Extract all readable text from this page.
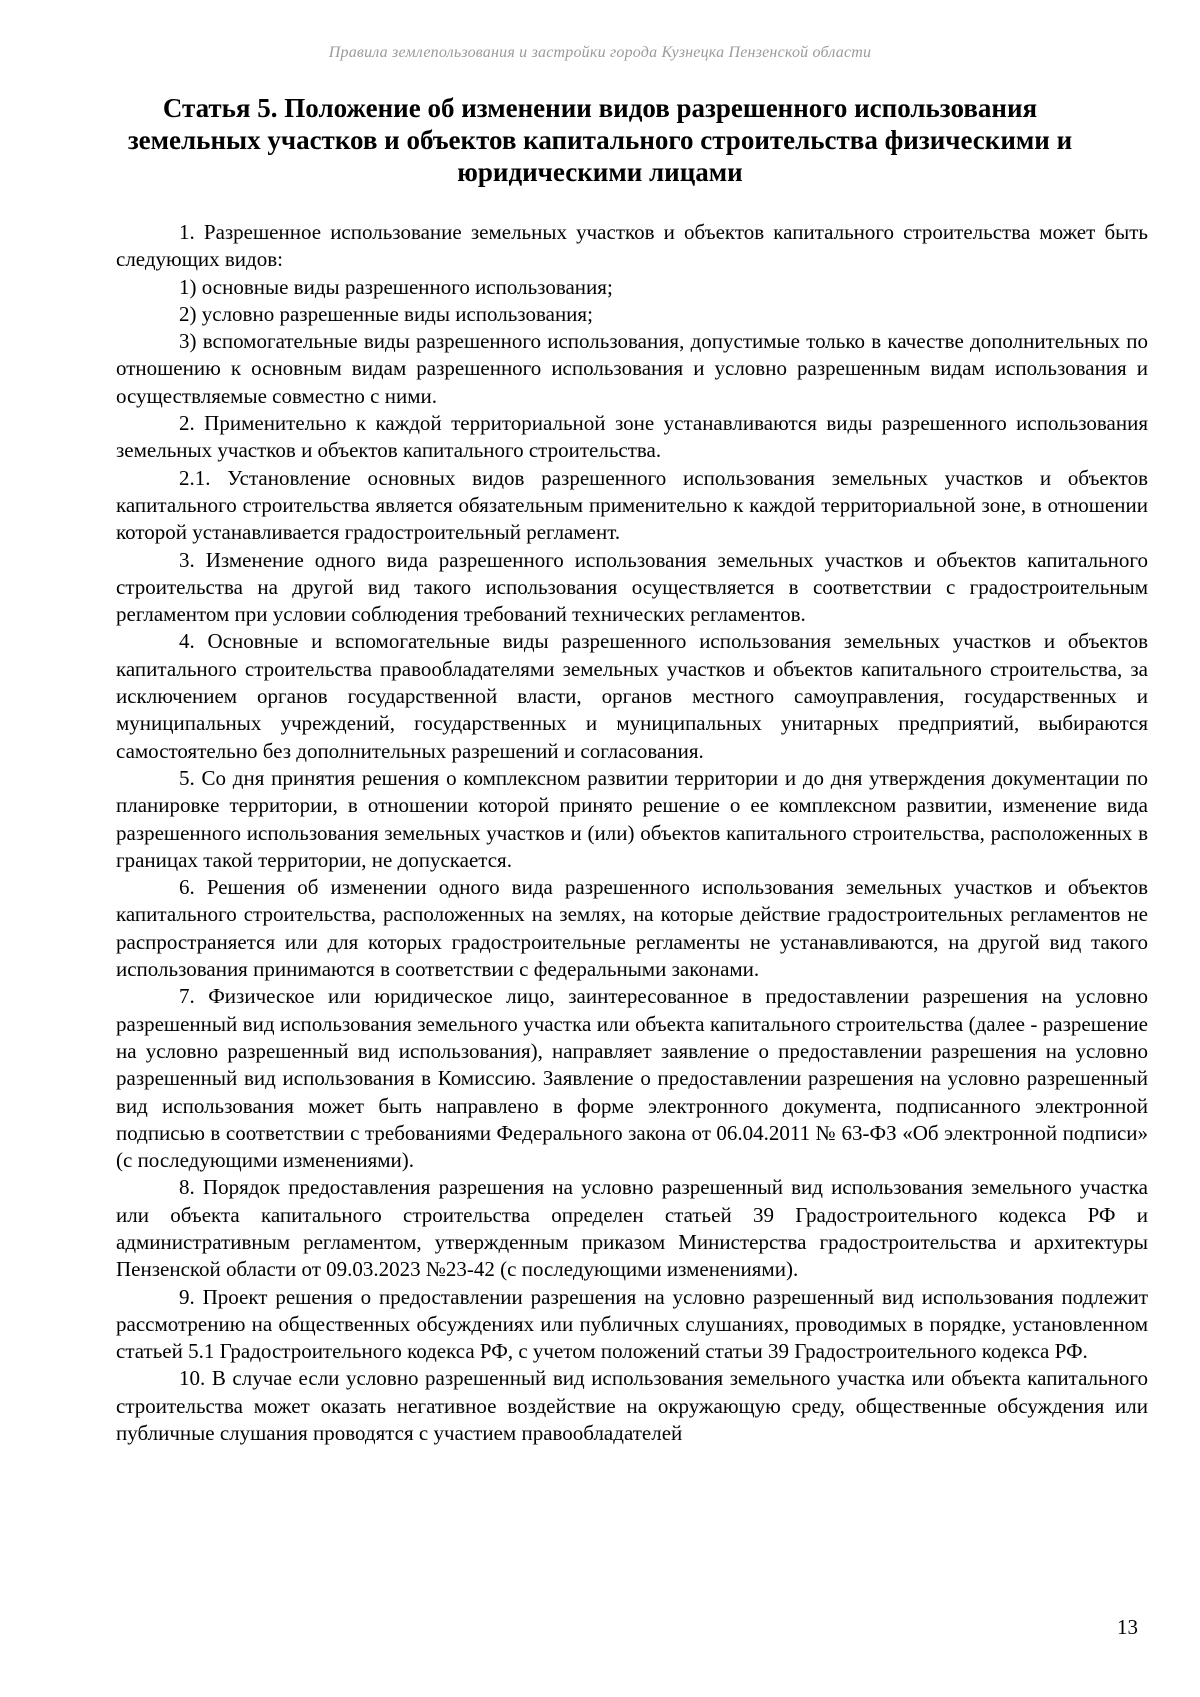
Правила землепользования и застройки города Кузнецка Пензенской области
Статья 5. Положение об изменении видов разрешенного использования земельных участков и объектов капитального строительства физическими и юридическими лицами

1. Разрешенное использование земельных участков и объектов капитального строительства может быть следующих видов:

1) основные виды разрешенного использования;

2) условно разрешенные виды использования;

3) вспомогательные виды разрешенного использования, допустимые только в качестве дополнительных по отношению к основным видам разрешенного использования и условно разрешенным видам использования и осуществляемые совместно с ними.

2. Применительно к каждой территориальной зоне устанавливаются виды разрешенного использования земельных участков и объектов капитального строительства.

2.1. Установление основных видов разрешенного использования земельных участков и объектов капитального строительства является обязательным применительно к каждой территориальной зоне, в отношении которой устанавливается градостроительный регламент.

3. Изменение одного вида разрешенного использования земельных участков и объектов капитального строительства на другой вид такого использования осуществляется в соответствии с градостроительным регламентом при условии соблюдения требований технических регламентов.

4. Основные и вспомогательные виды разрешенного использования земельных участков и объектов капитального строительства правообладателями земельных участков и объектов капитального строительства, за исключением органов государственной власти, органов местного самоуправления, государственных и муниципальных учреждений, государственных и муниципальных унитарных предприятий, выбираются самостоятельно без дополнительных разрешений и согласования.

5. Со дня принятия решения о комплексном развитии территории и до дня утверждения документации по планировке территории, в отношении которой принято решение о ее комплексном развитии, изменение вида разрешенного использования земельных участков и (или) объектов капитального строительства, расположенных в границах такой территории, не допускается.

6. Решения об изменении одного вида разрешенного использования земельных участков и объектов капитального строительства, расположенных на землях, на которые действие градостроительных регламентов не распространяется или для которых градостроительные регламенты не устанавливаются, на другой вид такого использования принимаются в соответствии с федеральными законами.

7. Физическое или юридическое лицо, заинтересованное в предоставлении разрешения на условно разрешенный вид использования земельного участка или объекта капитального строительства (далее - разрешение на условно разрешенный вид использования), направляет заявление о предоставлении разрешения на условно разрешенный вид использования в Комиссию. Заявление о предоставлении разрешения на условно разрешенный вид использования может быть направлено в форме электронного документа, подписанного электронной подписью в соответствии с требованиями Федерального закона от 06.04.2011 № 63-ФЗ «Об электронной подписи» (с последующими изменениями).

8. Порядок предоставления разрешения на условно разрешенный вид использования земельного участка или объекта капитального строительства определен статьей 39 Градостроительного кодекса РФ и административным регламентом, утвержденным приказом Министерства градостроительства и архитектуры Пензенской области от 09.03.2023 №23-42 (с последующими изменениями).

9. Проект решения о предоставлении разрешения на условно разрешенный вид использования подлежит рассмотрению на общественных обсуждениях или публичных слушаниях, проводимых в порядке, установленном статьей 5.1 Градостроительного кодекса РФ, с учетом положений статьи 39 Градостроительного кодекса РФ.

10. В случае если условно разрешенный вид использования земельного участка или объекта капитального строительства может оказать негативное воздействие на окружающую среду, общественные обсуждения или публичные слушания проводятся с участием правообладателей

13
